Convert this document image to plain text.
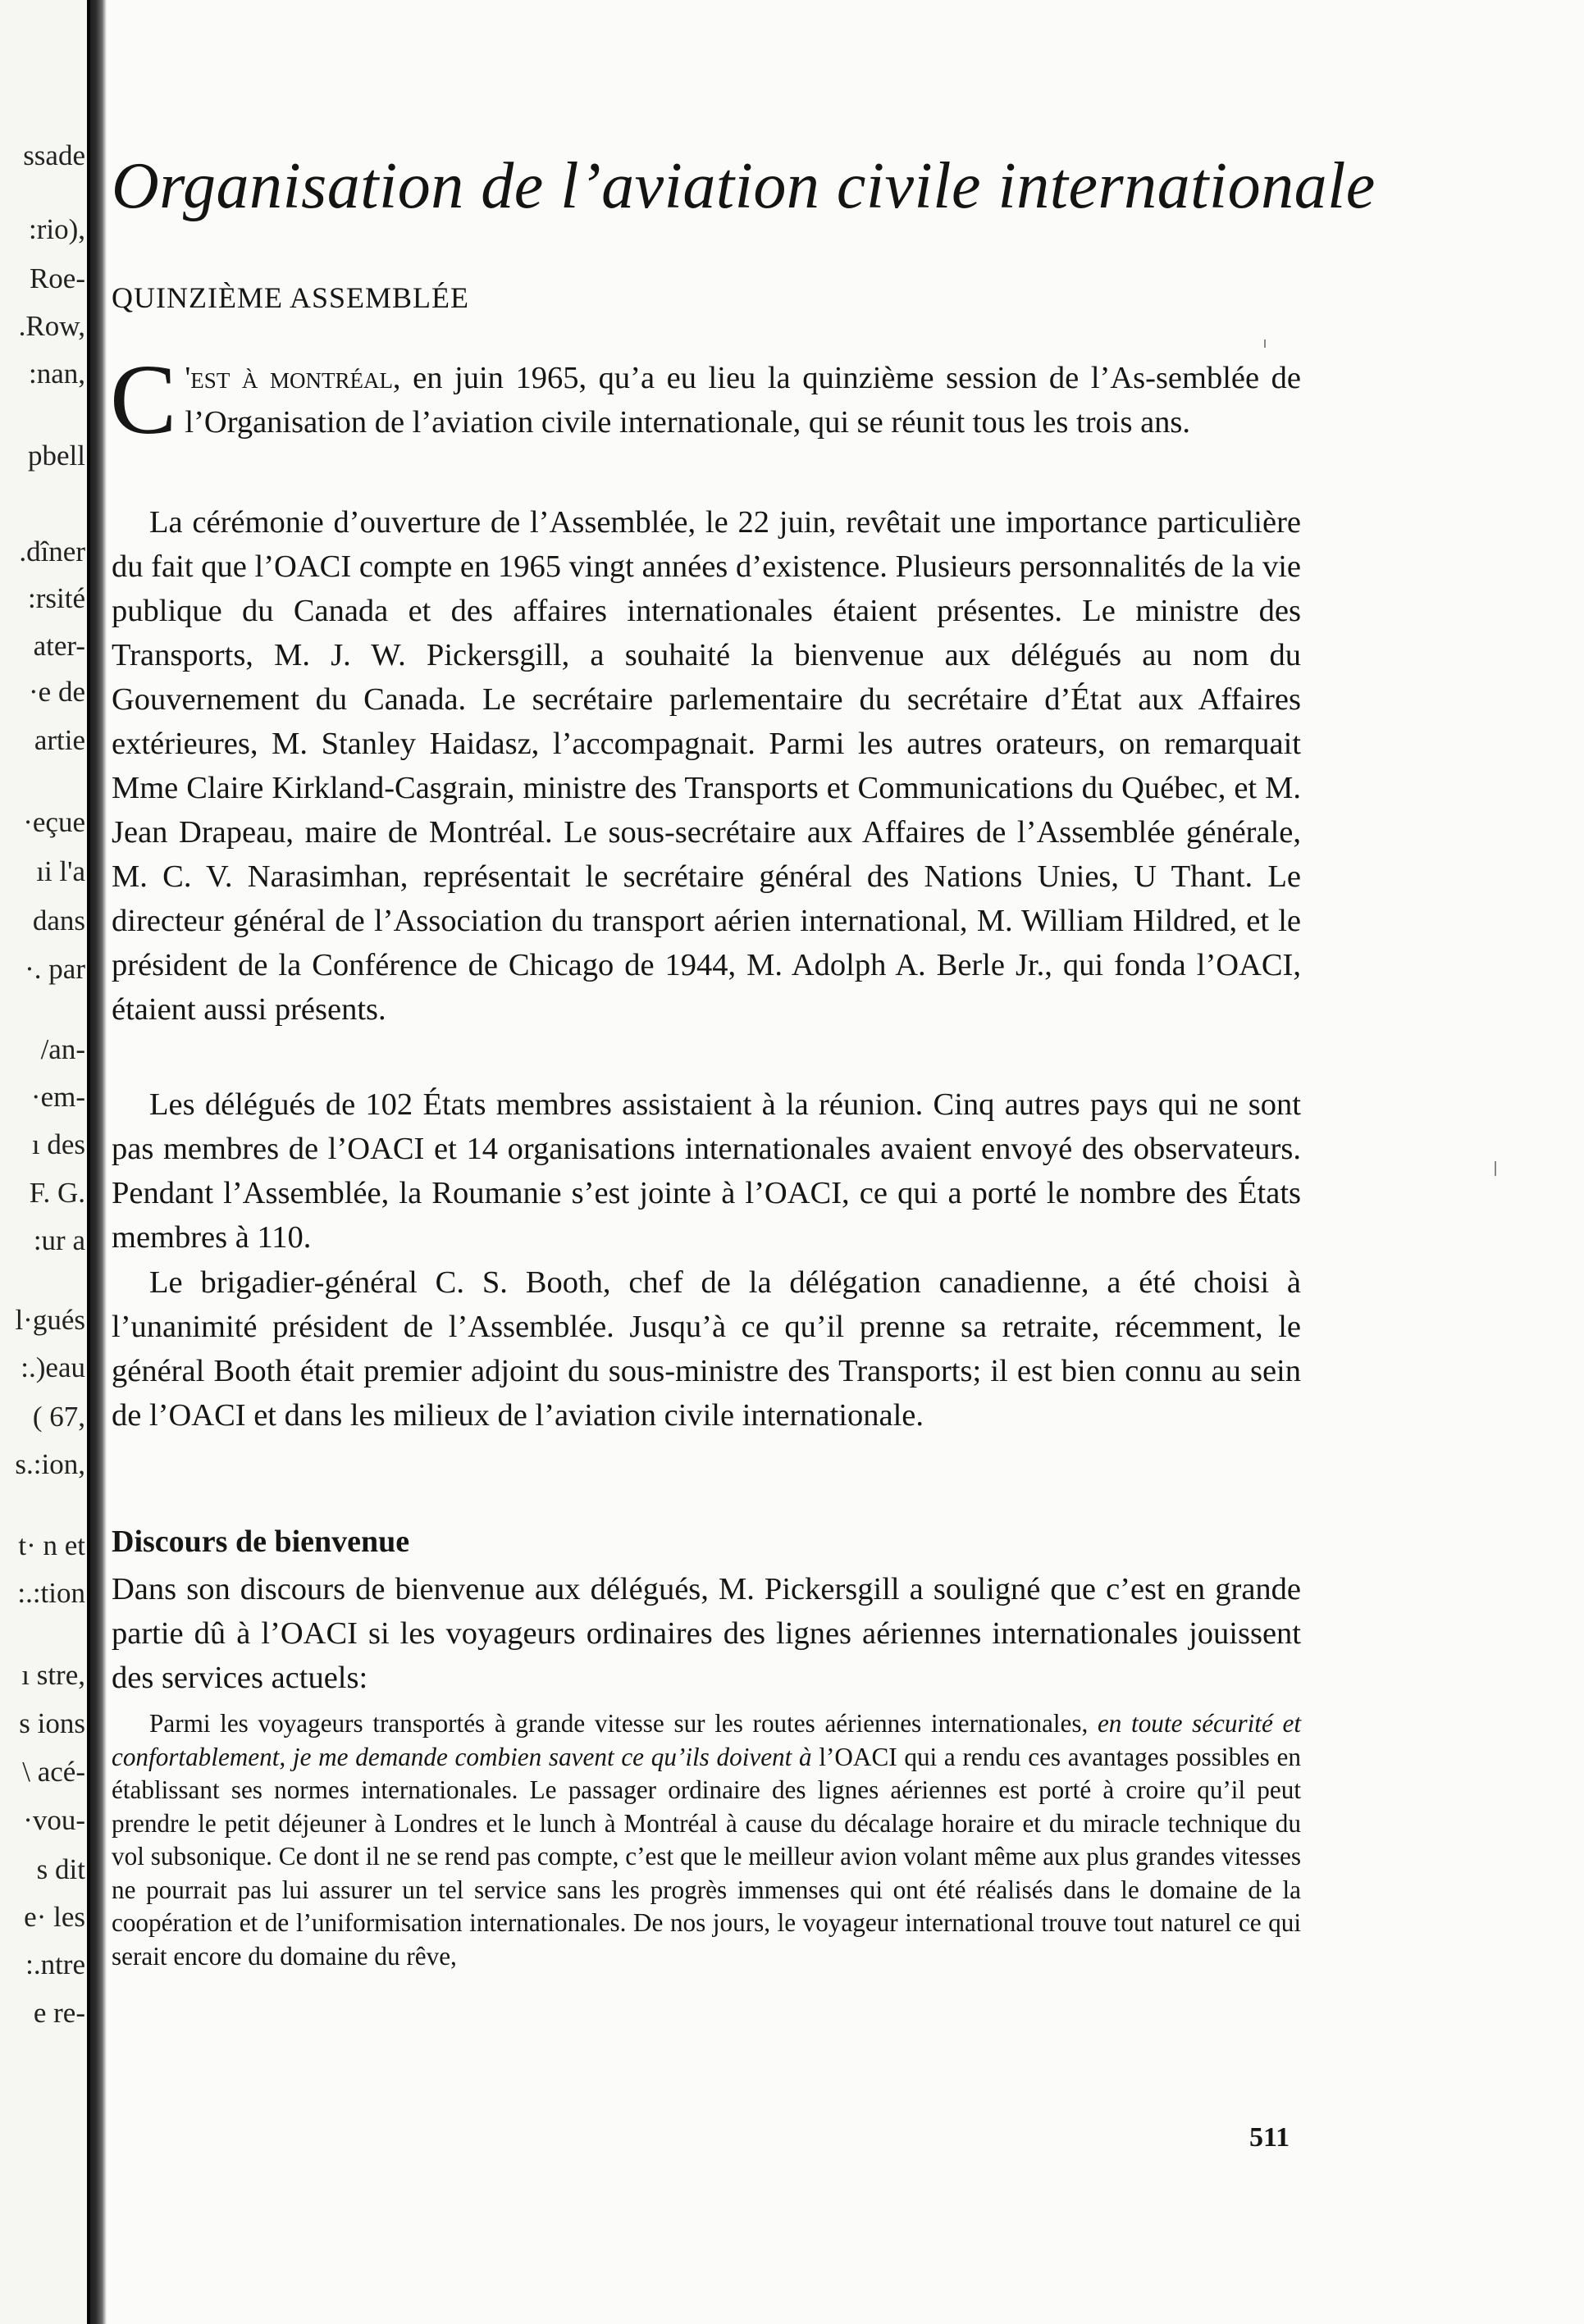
ssade
:rio),
Roe-
.Row,
:nan,
pbell
.dîner
:rsité
ater-
·e de
artie
·eçue
ıi l'a
dans
·. par
/an-
·em-
ı des
F. G.
:ur a
l·gués
:.)eau
( 67,
s.:ion,
t· n et
:.:tion
ı stre,
s ions
\ acé-
·vou-
s dit
e· les
:.ntre
e re-
Organisation de l’aviation civile internationale
QUINZIÈME ASSEMBLÉE

C 'est à montréal, en juin 1965, qu’a eu lieu la quinzième session de l’As-semblée de l’Organisation de l’aviation civile internationale, qui se réunit tous les trois ans.

La cérémonie d’ouverture de l’Assemblée, le 22 juin, revêtait une importance particulière du fait que l’OACI compte en 1965 vingt années d’existence. Plusieurs personnalités de la vie publique du Canada et des affaires internationales étaient présentes. Le ministre des Transports, M. J. W. Pickersgill, a souhaité la bienvenue aux délégués au nom du Gouvernement du Canada. Le secrétaire parlementaire du secrétaire d’État aux Affaires extérieures, M. Stanley Haidasz, l’accompagnait. Parmi les autres orateurs, on remarquait Mme Claire Kirkland-Casgrain, ministre des Transports et Communications du Québec, et M. Jean Drapeau, maire de Montréal. Le sous-secrétaire aux Affaires de l’Assemblée générale, M. C. V. Narasimhan, représentait le secrétaire général des Nations Unies, U Thant. Le directeur général de l’Association du transport aérien international, M. William Hildred, et le président de la Conférence de Chicago de 1944, M. Adolph A. Berle Jr., qui fonda l’OACI, étaient aussi présents.

Les délégués de 102 États membres assistaient à la réunion. Cinq autres pays qui ne sont pas membres de l’OACI et 14 organisations internationales avaient envoyé des observateurs. Pendant l’Assemblée, la Roumanie s’est jointe à l’OACI, ce qui a porté le nombre des États membres à 110.

Le brigadier-général C. S. Booth, chef de la délégation canadienne, a été choisi à l’unanimité président de l’Assemblée. Jusqu’à ce qu’il prenne sa retraite, récemment, le général Booth était premier adjoint du sous-ministre des Transports; il est bien connu au sein de l’OACI et dans les milieux de l’aviation civile internationale.

Discours de bienvenue

Dans son discours de bienvenue aux délégués, M. Pickersgill a souligné que c’est en grande partie dû à l’OACI si les voyageurs ordinaires des lignes aériennes internationales jouissent des services actuels:

Parmi les voyageurs transportés à grande vitesse sur les routes aériennes internationales, en toute sécurité et confortablement, je me demande combien savent ce qu’ils doivent à l’OACI qui a rendu ces avantages possibles en établissant ses normes internationales. Le passager ordinaire des lignes aériennes est porté à croire qu’il peut prendre le petit déjeuner à Londres et le lunch à Montréal à cause du décalage horaire et du miracle technique du vol subsonique. Ce dont il ne se rend pas compte, c’est que le meilleur avion volant même aux plus grandes vitesses ne pourrait pas lui assurer un tel service sans les progrès immenses qui ont été réalisés dans le domaine de la coopération et de l’uniformisation internationales. De nos jours, le voyageur international trouve tout naturel ce qui serait encore du domaine du rêve,

511
